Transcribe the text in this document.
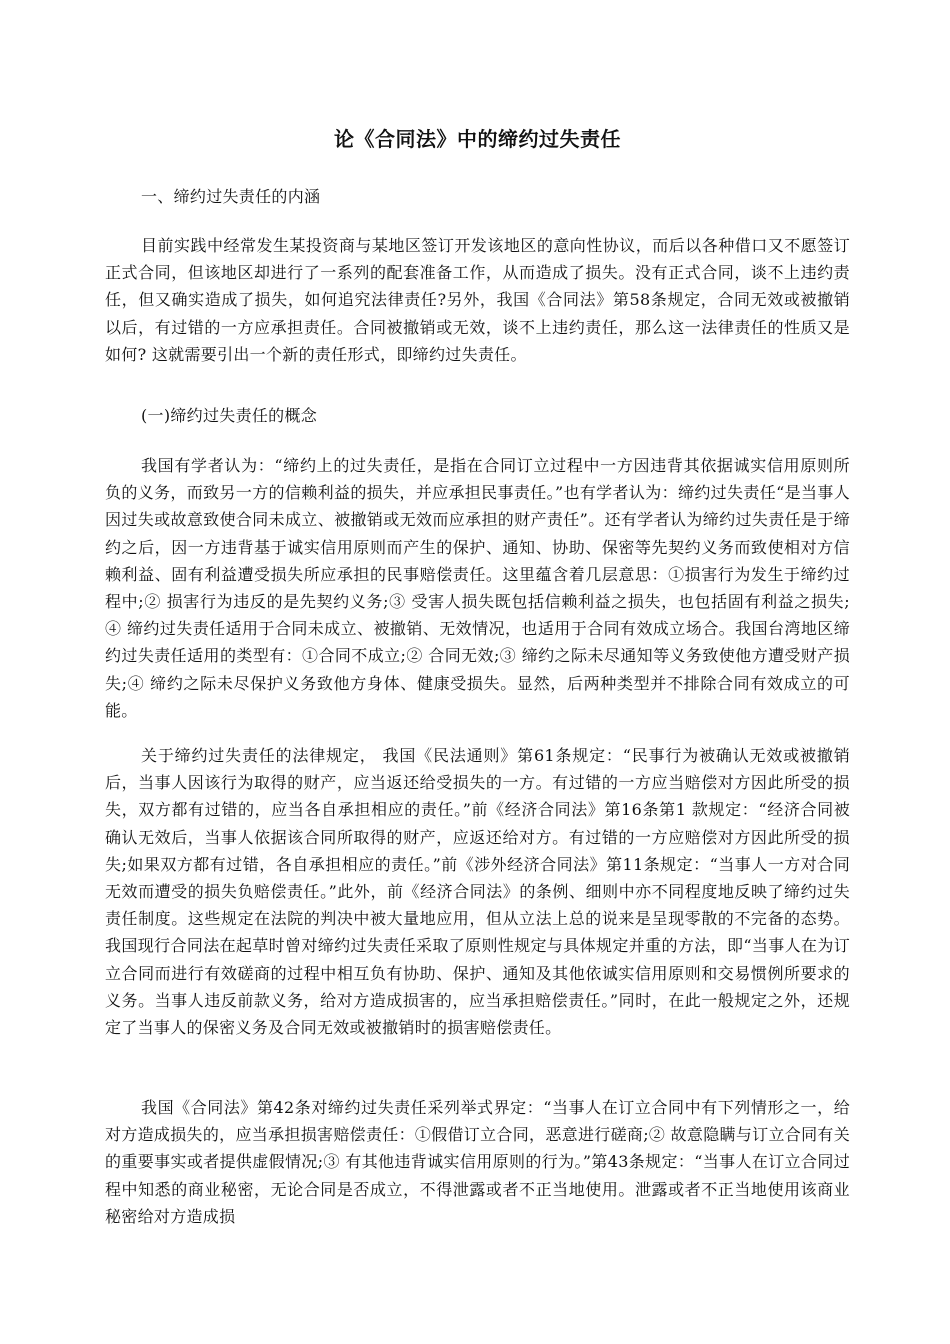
论《合同法》中的缔约过失责任

一、缔约过失责任的内涵

目前实践中经常发生某投资商与某地区签订开发该地区的意向性协议，而后以各种借口又不愿签订正式合同，但该地区却进行了一系列的配套准备工作，从而造成了损失。没有正式合同，谈不上违约责任，但又确实造成了损失，如何追究法律责任?另外，我国《合同法》第58条规定，合同无效或被撤销以后，有过错的一方应承担责任。合同被撤销或无效，谈不上违约责任，那么这一法律责任的性质又是如何? 这就需要引出一个新的责任形式，即缔约过失责任。

(一)缔约过失责任的概念

我国有学者认为：“缔约上的过失责任，是指在合同订立过程中一方因违背其依据诚实信用原则所负的义务，而致另一方的信赖利益的损失，并应承担民事责任。”也有学者认为：缔约过失责任“是当事人因过失或故意致使合同未成立、被撤销或无效而应承担的财产责任”。还有学者认为缔约过失责任是于缔约之后，因一方违背基于诚实信用原则而产生的保护、通知、协助、保密等先契约义务而致使相对方信赖利益、固有利益遭受损失所应承担的民事赔偿责任。这里蕴含着几层意思：①损害行为发生于缔约过程中;② 损害行为违反的是先契约义务;③ 受害人损失既包括信赖利益之损失，也包括固有利益之损失;④ 缔约过失责任适用于合同未成立、被撤销、无效情况，也适用于合同有效成立场合。我国台湾地区缔约过失责任适用的类型有：①合同不成立;② 合同无效;③ 缔约之际未尽通知等义务致使他方遭受财产损失;④ 缔约之际未尽保护义务致他方身体、健康受损失。显然，后两种类型并不排除合同有效成立的可能。

关于缔约过失责任的法律规定， 我国《民法通则》第61条规定：“民事行为被确认无效或被撤销后，当事人因该行为取得的财产，应当返还给受损失的一方。有过错的一方应当赔偿对方因此所受的损失，双方都有过错的，应当各自承担相应的责任。”前《经济合同法》第16条第1 款规定：“经济合同被确认无效后，当事人依据该合同所取得的财产，应返还给对方。有过错的一方应赔偿对方因此所受的损失;如果双方都有过错，各自承担相应的责任。”前《涉外经济合同法》第11条规定：“当事人一方对合同无效而遭受的损失负赔偿责任。”此外，前《经济合同法》的条例、细则中亦不同程度地反映了缔约过失责任制度。这些规定在法院的判决中被大量地应用，但从立法上总的说来是呈现零散的不完备的态势。我国现行合同法在起草时曾对缔约过失责任采取了原则性规定与具体规定并重的方法，即“当事人在为订立合同而进行有效磋商的过程中相互负有协助、保护、通知及其他依诚实信用原则和交易惯例所要求的义务。当事人违反前款义务，给对方造成损害的，应当承担赔偿责任。”同时，在此一般规定之外，还规定了当事人的保密义务及合同无效或被撤销时的损害赔偿责任。

我国《合同法》第42条对缔约过失责任采列举式界定：“当事人在订立合同中有下列情形之一，给对方造成损失的，应当承担损害赔偿责任：①假借订立合同，恶意进行磋商;② 故意隐瞒与订立合同有关的重要事实或者提供虚假情况;③ 有其他违背诚实信用原则的行为。”第43条规定：“当事人在订立合同过程中知悉的商业秘密，无论合同是否成立，不得泄露或者不正当地使用。泄露或者不正当地使用该商业秘密给对方造成损
